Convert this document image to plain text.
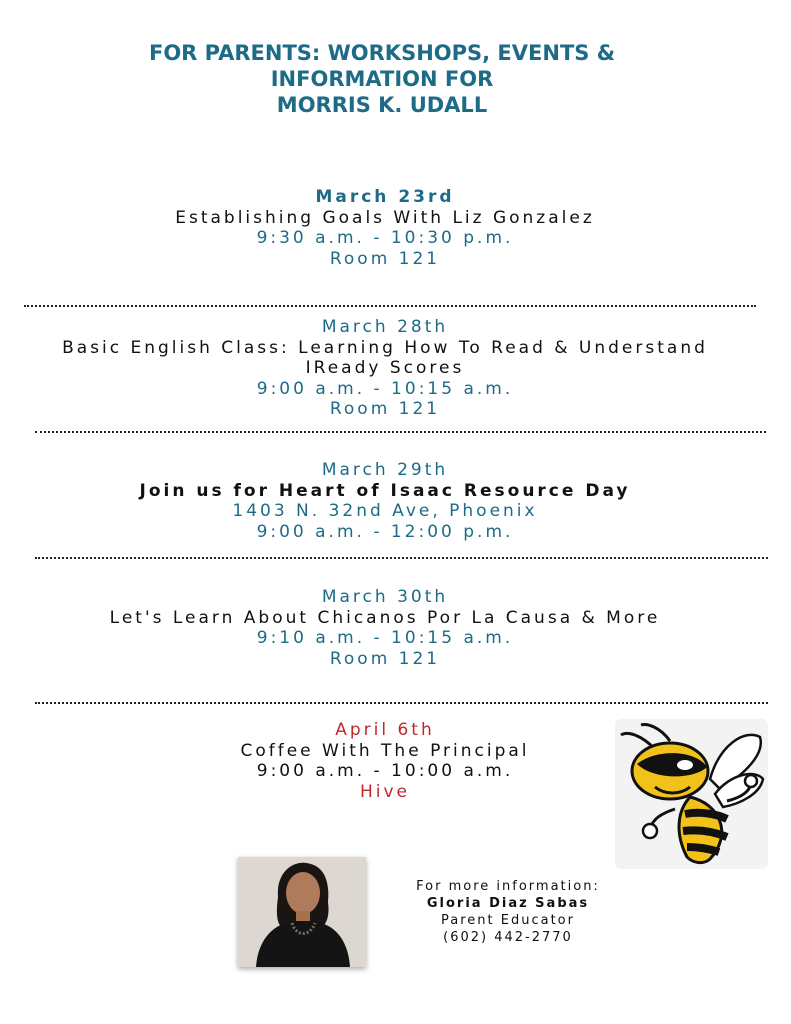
FOR PARENTS: WORKSHOPS, EVENTS &
INFORMATION FOR
MORRIS K. UDALL
March 23rd
Establishing Goals With Liz Gonzalez
9:30 a.m. - 10:30 p.m.
Room 121
March 28th
Basic English Class: Learning How To Read & Understand
IReady Scores
9:00 a.m. - 10:15 a.m.
Room 121
March 29th
Join us for Heart of Isaac Resource Day
1403 N. 32nd Ave, Phoenix
9:00 a.m. - 12:00 p.m.
March 30th
Let's Learn About Chicanos Por La Causa & More
9:10 a.m. - 10:15 a.m.
Room 121
April 6th
Coffee With The Principal
9:00 a.m. - 10:00 a.m.
Hive
For more information:
Gloria Diaz Sabas
Parent Educator
(602) 442-2770
